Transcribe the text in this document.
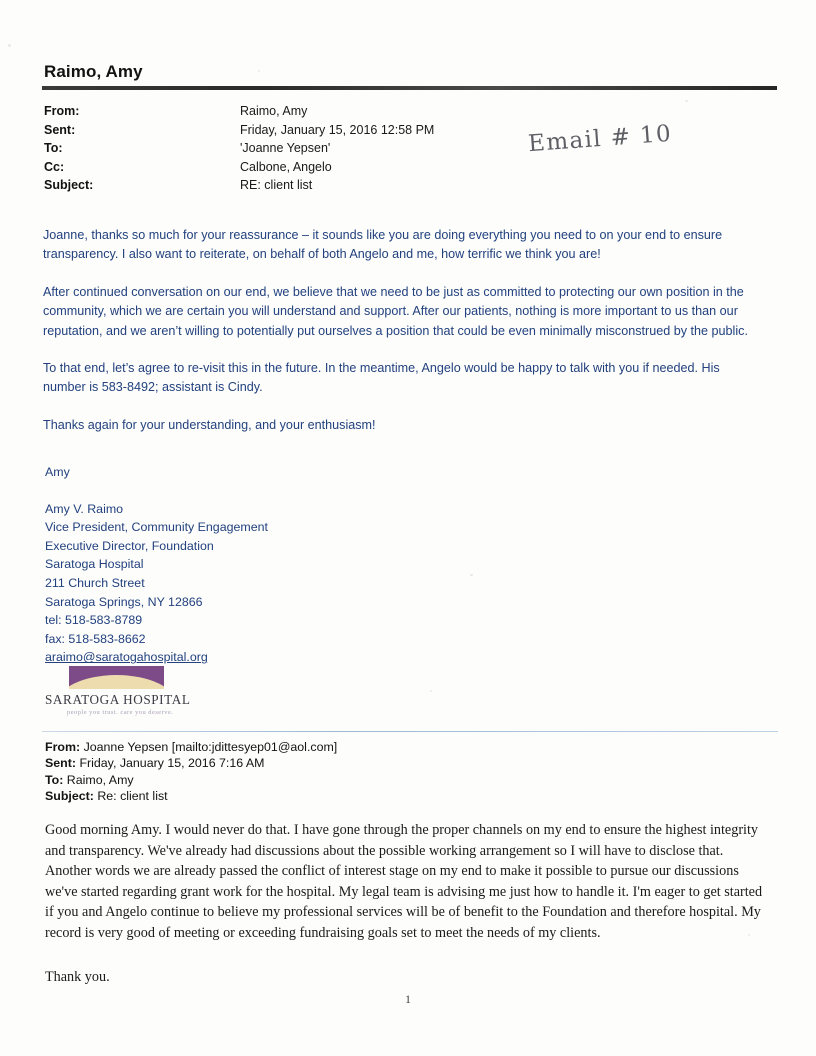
Raimo, Amy
Email # 10
From:	Raimo, Amy
Sent:	Friday, January 15, 2016 12:58 PM
To:	'Joanne Yepsen'
Cc:	Calbone, Angelo
Subject:	RE: client list

Joanne, thanks so much for your reassurance – it sounds like you are doing everything you need to on your end to ensure transparency. I also want to reiterate, on behalf of both Angelo and me, how terrific we think you are!

After continued conversation on our end, we believe that we need to be just as committed to protecting our own position in the community, which we are certain you will understand and support. After our patients, nothing is more important to us than our reputation, and we aren’t willing to potentially put ourselves a position that could be even minimally misconstrued by the public.

To that end, let’s agree to re-visit this in the future. In the meantime, Angelo would be happy to talk with you if needed. His number is 583-8492; assistant is Cindy.

Thanks again for your understanding, and your enthusiasm!

Amy
Amy V. Raimo
Vice President, Community Engagement
Executive Director, Foundation
Saratoga Hospital
211 Church Street
Saratoga Springs, NY 12866
tel: 518-583-8789
fax: 518-583-8662
araimo@saratogahospital.org
SARATOGA HOSPITAL
people you trust. care you deserve.
From: Joanne Yepsen [mailto:jdittesyep01@aol.com]
Sent: Friday, January 15, 2016 7:16 AM
To: Raimo, Amy
Subject: Re: client list

Good morning Amy. I would never do that. I have gone through the proper channels on my end to ensure the highest integrity and transparency. We've already had discussions about the possible working arrangement so I will have to disclose that. Another words we are already passed the conflict of interest stage on my end to make it possible to pursue our discussions we've started regarding grant work for the hospital. My legal team is advising me just how to handle it. I'm eager to get started if you and Angelo continue to believe my professional services will be of benefit to the Foundation and therefore hospital. My record is very good of meeting or exceeding fundraising goals set to meet the needs of my clients.

Thank you.

1
